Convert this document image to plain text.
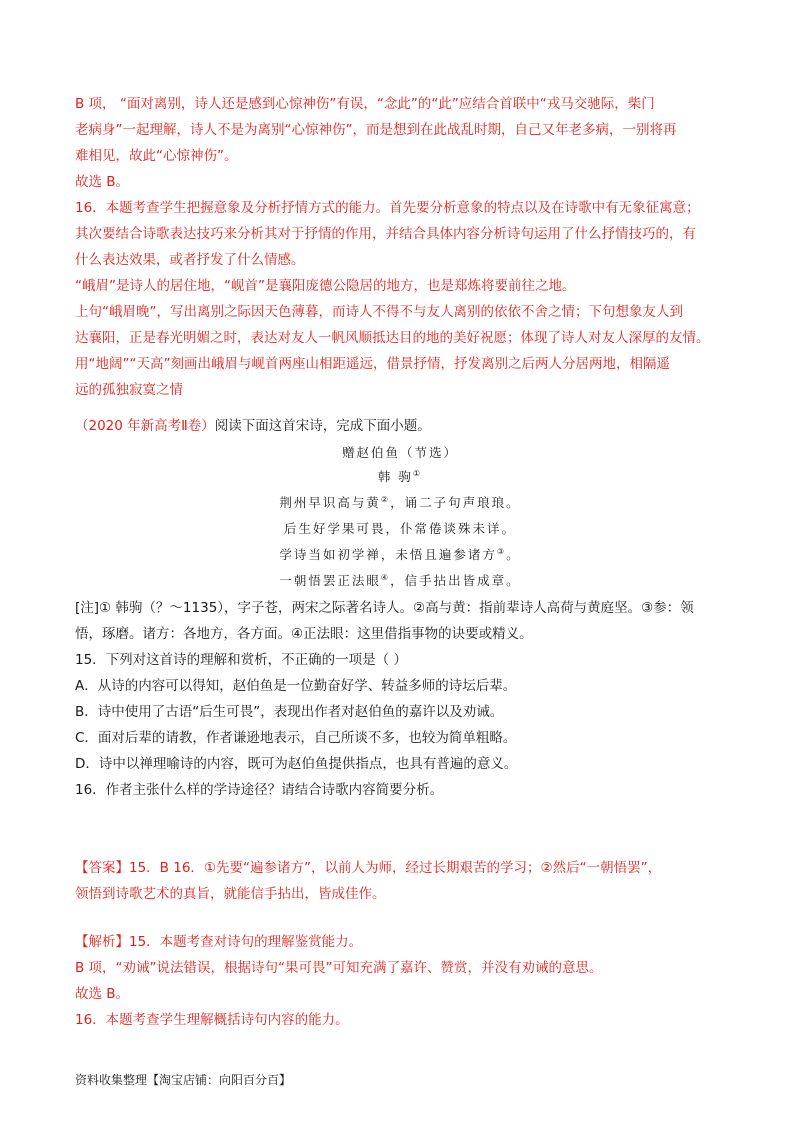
B 项， “面对离别，诗人还是感到心惊神伤”有误，“念此”的“此”应结合首联中“戎马交驰际，柴门
老病身”一起理解，诗人不是为离别“心惊神伤”，而是想到在此战乱时期，自己又年老多病，一别将再
难相见，故此“心惊神伤”。
故选 B。
16．本题考查学生把握意象及分析抒情方式的能力。首先要分析意象的特点以及在诗歌中有无象征寓意；
其次要结合诗歌表达技巧来分析其对于抒情的作用，并结合具体内容分析诗句运用了什么抒情技巧的，有
什么表达效果，或者抒发了什么情感。
“峨眉”是诗人的居住地，“岘首”是襄阳庞德公隐居的地方，也是郑炼将要前往之地。
上句“峨眉晚”，写出离别之际因天色薄暮，而诗人不得不与友人离别的依依不舍之情；下句想象友人到
达襄阳，正是春光明媚之时，表达对友人一帆风顺抵达目的地的美好祝愿；体现了诗人对友人深厚的友情。
用“地阔”“天高”刻画出峨眉与岘首两座山相距遥远，借景抒情，抒发离别之后两人分居两地，相隔遥
远的孤独寂寞之情
（2020 年新高考Ⅱ卷）阅读下面这首宋诗，完成下面小题。
赠赵伯鱼（节选）
韩 驹①
荆州早识高与黄②，诵二子句声琅琅。
后生好学果可畏，仆常倦谈殊未详。
学诗当如初学禅，未悟且遍参诸方③。
一朝悟罢正法眼④，信手拈出皆成章。
[注]① 韩驹（？～1135），字子苍，两宋之际著名诗人。②高与黄：指前辈诗人高荷与黄庭坚。③参：领
悟，琢磨。诸方：各地方，各方面。④正法眼：这里借指事物的诀要或精义。
15．下列对这首诗的理解和赏析，不正确的一项是（ ）
A．从诗的内容可以得知，赵伯鱼是一位勤奋好学、转益多师的诗坛后辈。
B．诗中使用了古语“后生可畏”，表现出作者对赵伯鱼的嘉许以及劝诫。
C．面对后辈的请教，作者谦逊地表示，自己所谈不多，也较为简单粗略。
D．诗中以禅理喻诗的内容，既可为赵伯鱼提供指点，也具有普遍的意义。
16．作者主张什么样的学诗途径？请结合诗歌内容简要分析。
【答案】15．B 16．①先要“遍参诸方”，以前人为师，经过长期艰苦的学习；②然后“一朝悟罢”，
领悟到诗歌艺术的真旨，就能信手拈出，皆成佳作。
【解析】15．本题考查对诗句的理解鉴赏能力。
B 项，“劝诫”说法错误，根据诗句“果可畏”可知充满了嘉许、赞赏，并没有劝诫的意思。
故选 B。
16．本题考查学生理解概括诗句内容的能力。
资料收集整理【淘宝店铺：向阳百分百】
